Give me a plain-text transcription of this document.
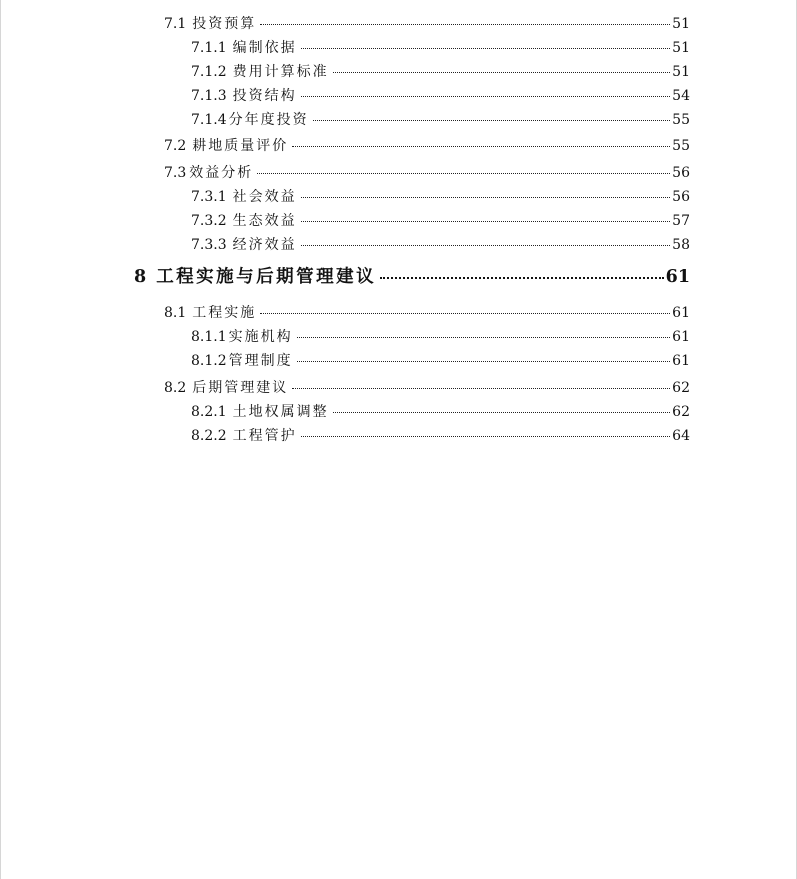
7.1 投资预算	51
7.1.1 编制依据	51
7.1.2 费用计算标准	51
7.1.3 投资结构	54
7.1.4 分年度投资	55
7.2 耕地质量评价	55
7.3 效益分析	56
7.3.1 社会效益	56
7.3.2 生态效益	57
7.3.3 经济效益	58
8 工程实施与后期管理建议	61
8.1 工程实施	61
8.1.1 实施机构	61
8.1.2 管理制度	61
8.2 后期管理建议	62
8.2.1 土地权属调整	62
8.2.2 工程管护	64
